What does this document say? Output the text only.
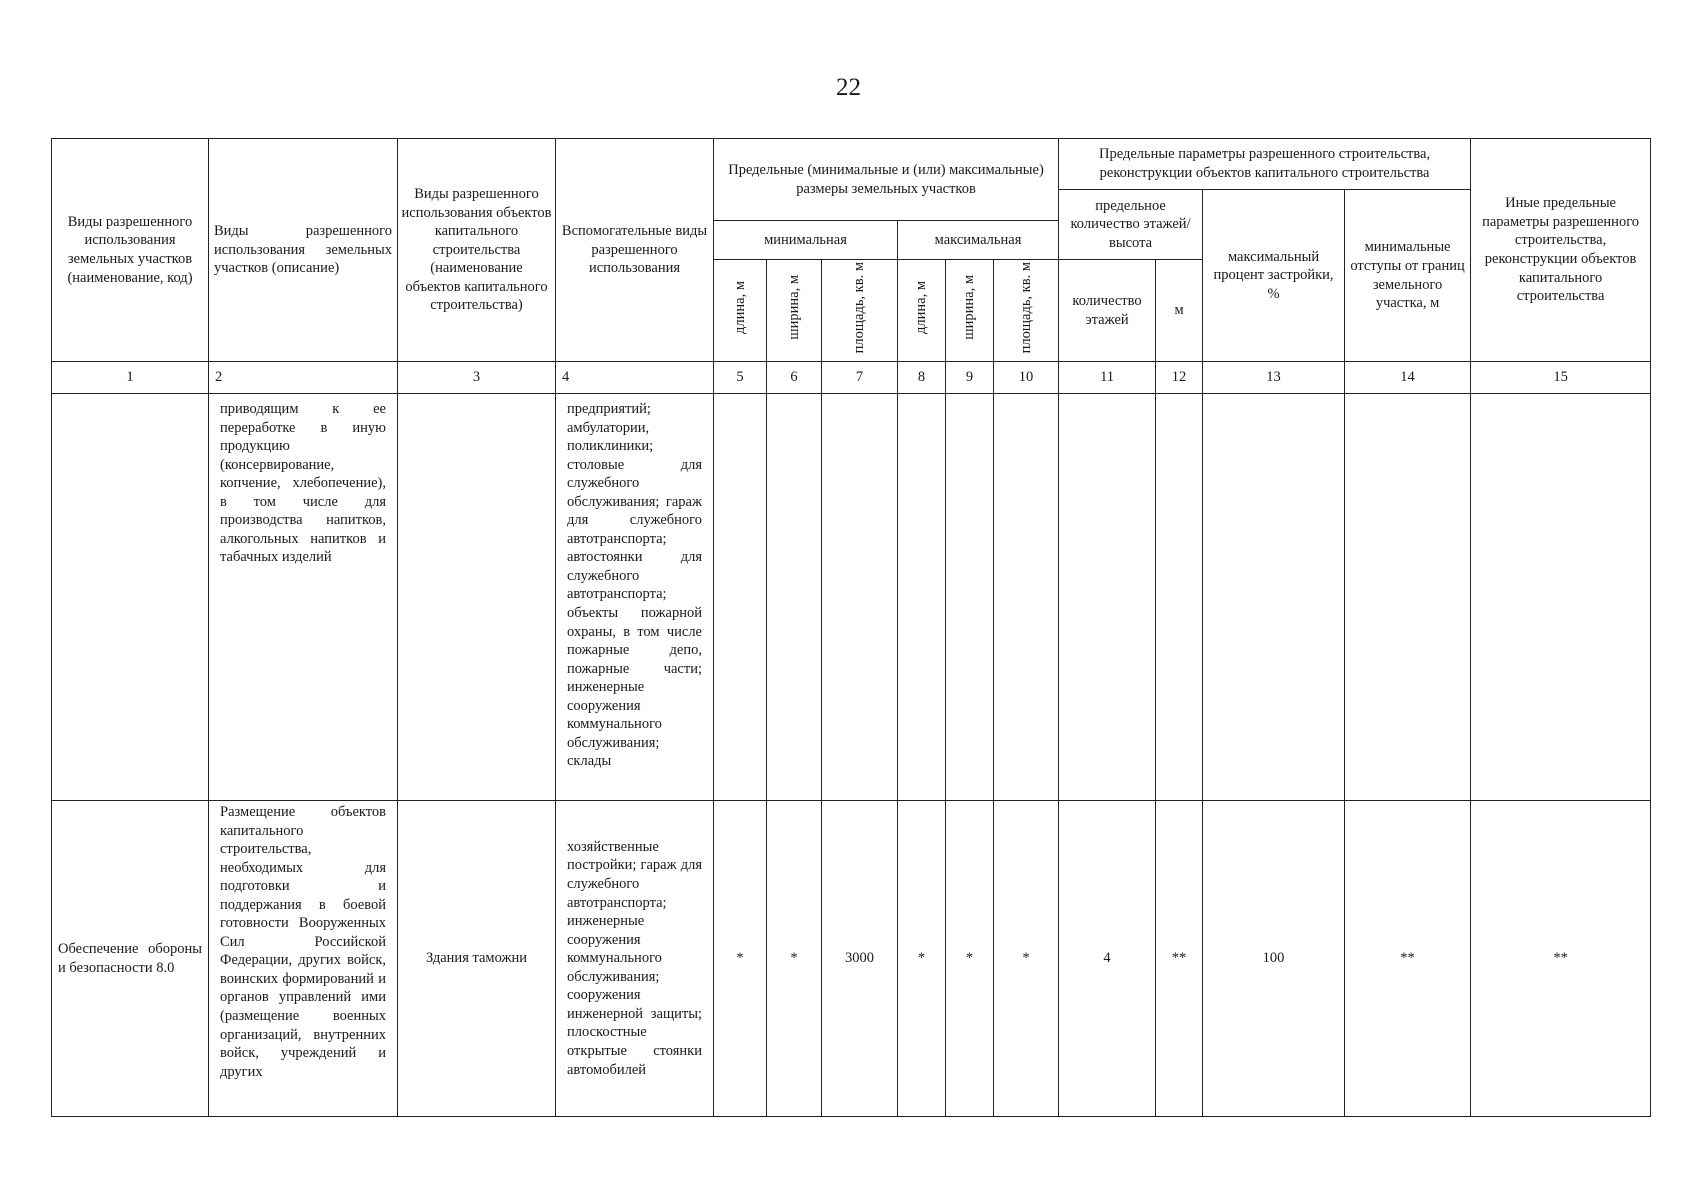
22
Виды разрешенного использования земельных участков (наименование, код)	Виды разрешенного использования земельных участков (описание)	Виды разрешенного использования объектов капитального строительства (наименование объектов капитального строительства)	Вспомогательные виды разрешенного использования	Предельные (минимальные и (или) максимальные) размеры земельных участков						Предельные параметры разрешенного строительства, реконструкции объектов капитального строительства				Иные предельные параметры разрешенного строительства, реконструкции объектов капитального строительства
										предельное количество этажей/высота		максимальный процент застройки, %	минимальные отступы от границ земельного участка, м	
				минимальная			максимальная							
				длина, м	ширина, м	площадь, кв. м	длина, м	ширина, м	площадь, кв. м	количество этажей	м			
1	2	3	4	5	6	7	8	9	10	11	12	13	14	15

	приводящим к ее переработке в иную продукцию (консервирование, копчение, хлебопечение), в том числе для производства напитков, алкогольных напитков и табачных изделий		предприятий; амбулатории, поликлиники; столовые для служебного обслуживания; гараж для служебного автотранспорта; автостоянки для служебного автотранспорта; объекты пожарной охраны, в том числе пожарные депо, пожарные части; инженерные сооружения коммунального обслуживания; склады											

Обеспечение обороны и безопасности 8.0	Размещение объектов капитального строительства, необходимых для подготовки и поддержания в боевой готовности Вооруженных Сил Российской Федерации, других войск, воинских формирований и органов управлений ими (размещение военных организаций, внутренних войск, учреждений и других	Здания таможни	хозяйственные постройки; гараж для служебного автотранспорта; инженерные сооружения коммунального обслуживания; сооружения инженерной защиты; плоскостные открытые стоянки автомобилей	*	*	3000	*	*	*	4	**	100	**	**
